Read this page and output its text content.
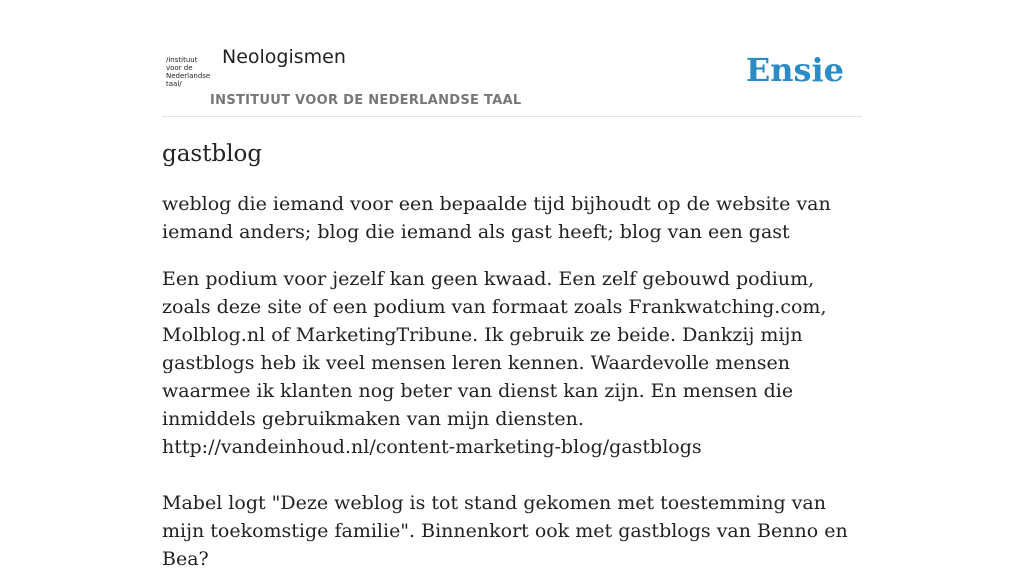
/instituut
voor de
Nederlandse
taal/
Neologismen
INSTITUUT VOOR DE NEDERLANDSE TAAL
Ensie
gastblog

weblog die iemand voor een bepaalde tijd bijhoudt op de website van iemand anders; blog die iemand als gast heeft; blog van een gast

Een podium voor jezelf kan geen kwaad. Een zelf gebouwd podium, zoals deze site of een podium van formaat zoals Frankwatching.com, Molblog.nl of MarketingTribune. Ik gebruik ze beide. Dankzij mijn gastblogs heb ik veel mensen leren kennen. Waardevolle mensen waarmee ik klanten nog beter van dienst kan zijn. En mensen die inmiddels gebruikmaken van mijn diensten.
http://vandeinhoud.nl/content-marketing-blog/gastblogs

Mabel logt "Deze weblog is tot stand gekomen met toestemming van mijn toekomstige familie". Binnenkort ook met gastblogs van Benno en Bea?
